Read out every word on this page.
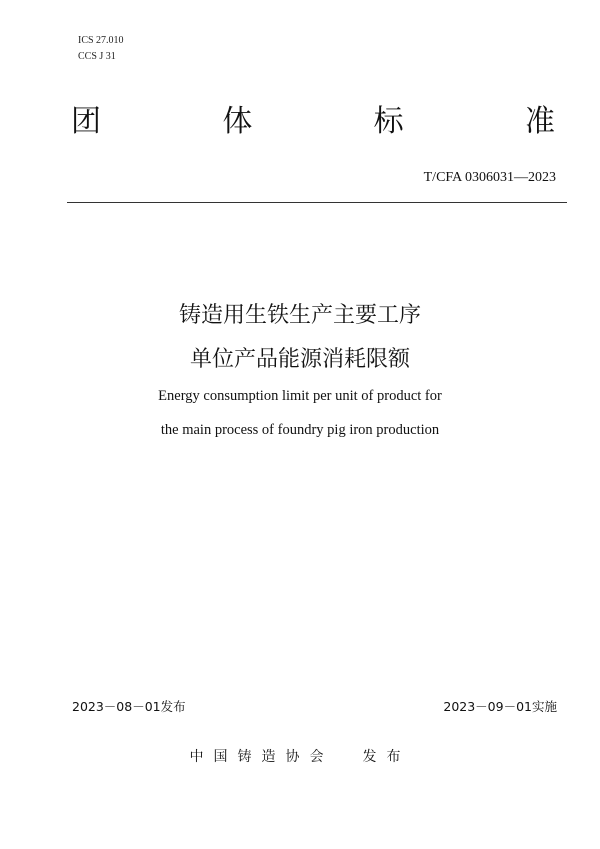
ICS 27.010
CCS J 31
团	体	标	准
T/CFA 0306031—2023
铸造用生铁生产主要工序
单位产品能源消耗限额
Energy consumption limit per unit of product for
the main process of foundry pig iron production
2023－08－01发布	2023－09－01实施
中国铸造协会  发布
